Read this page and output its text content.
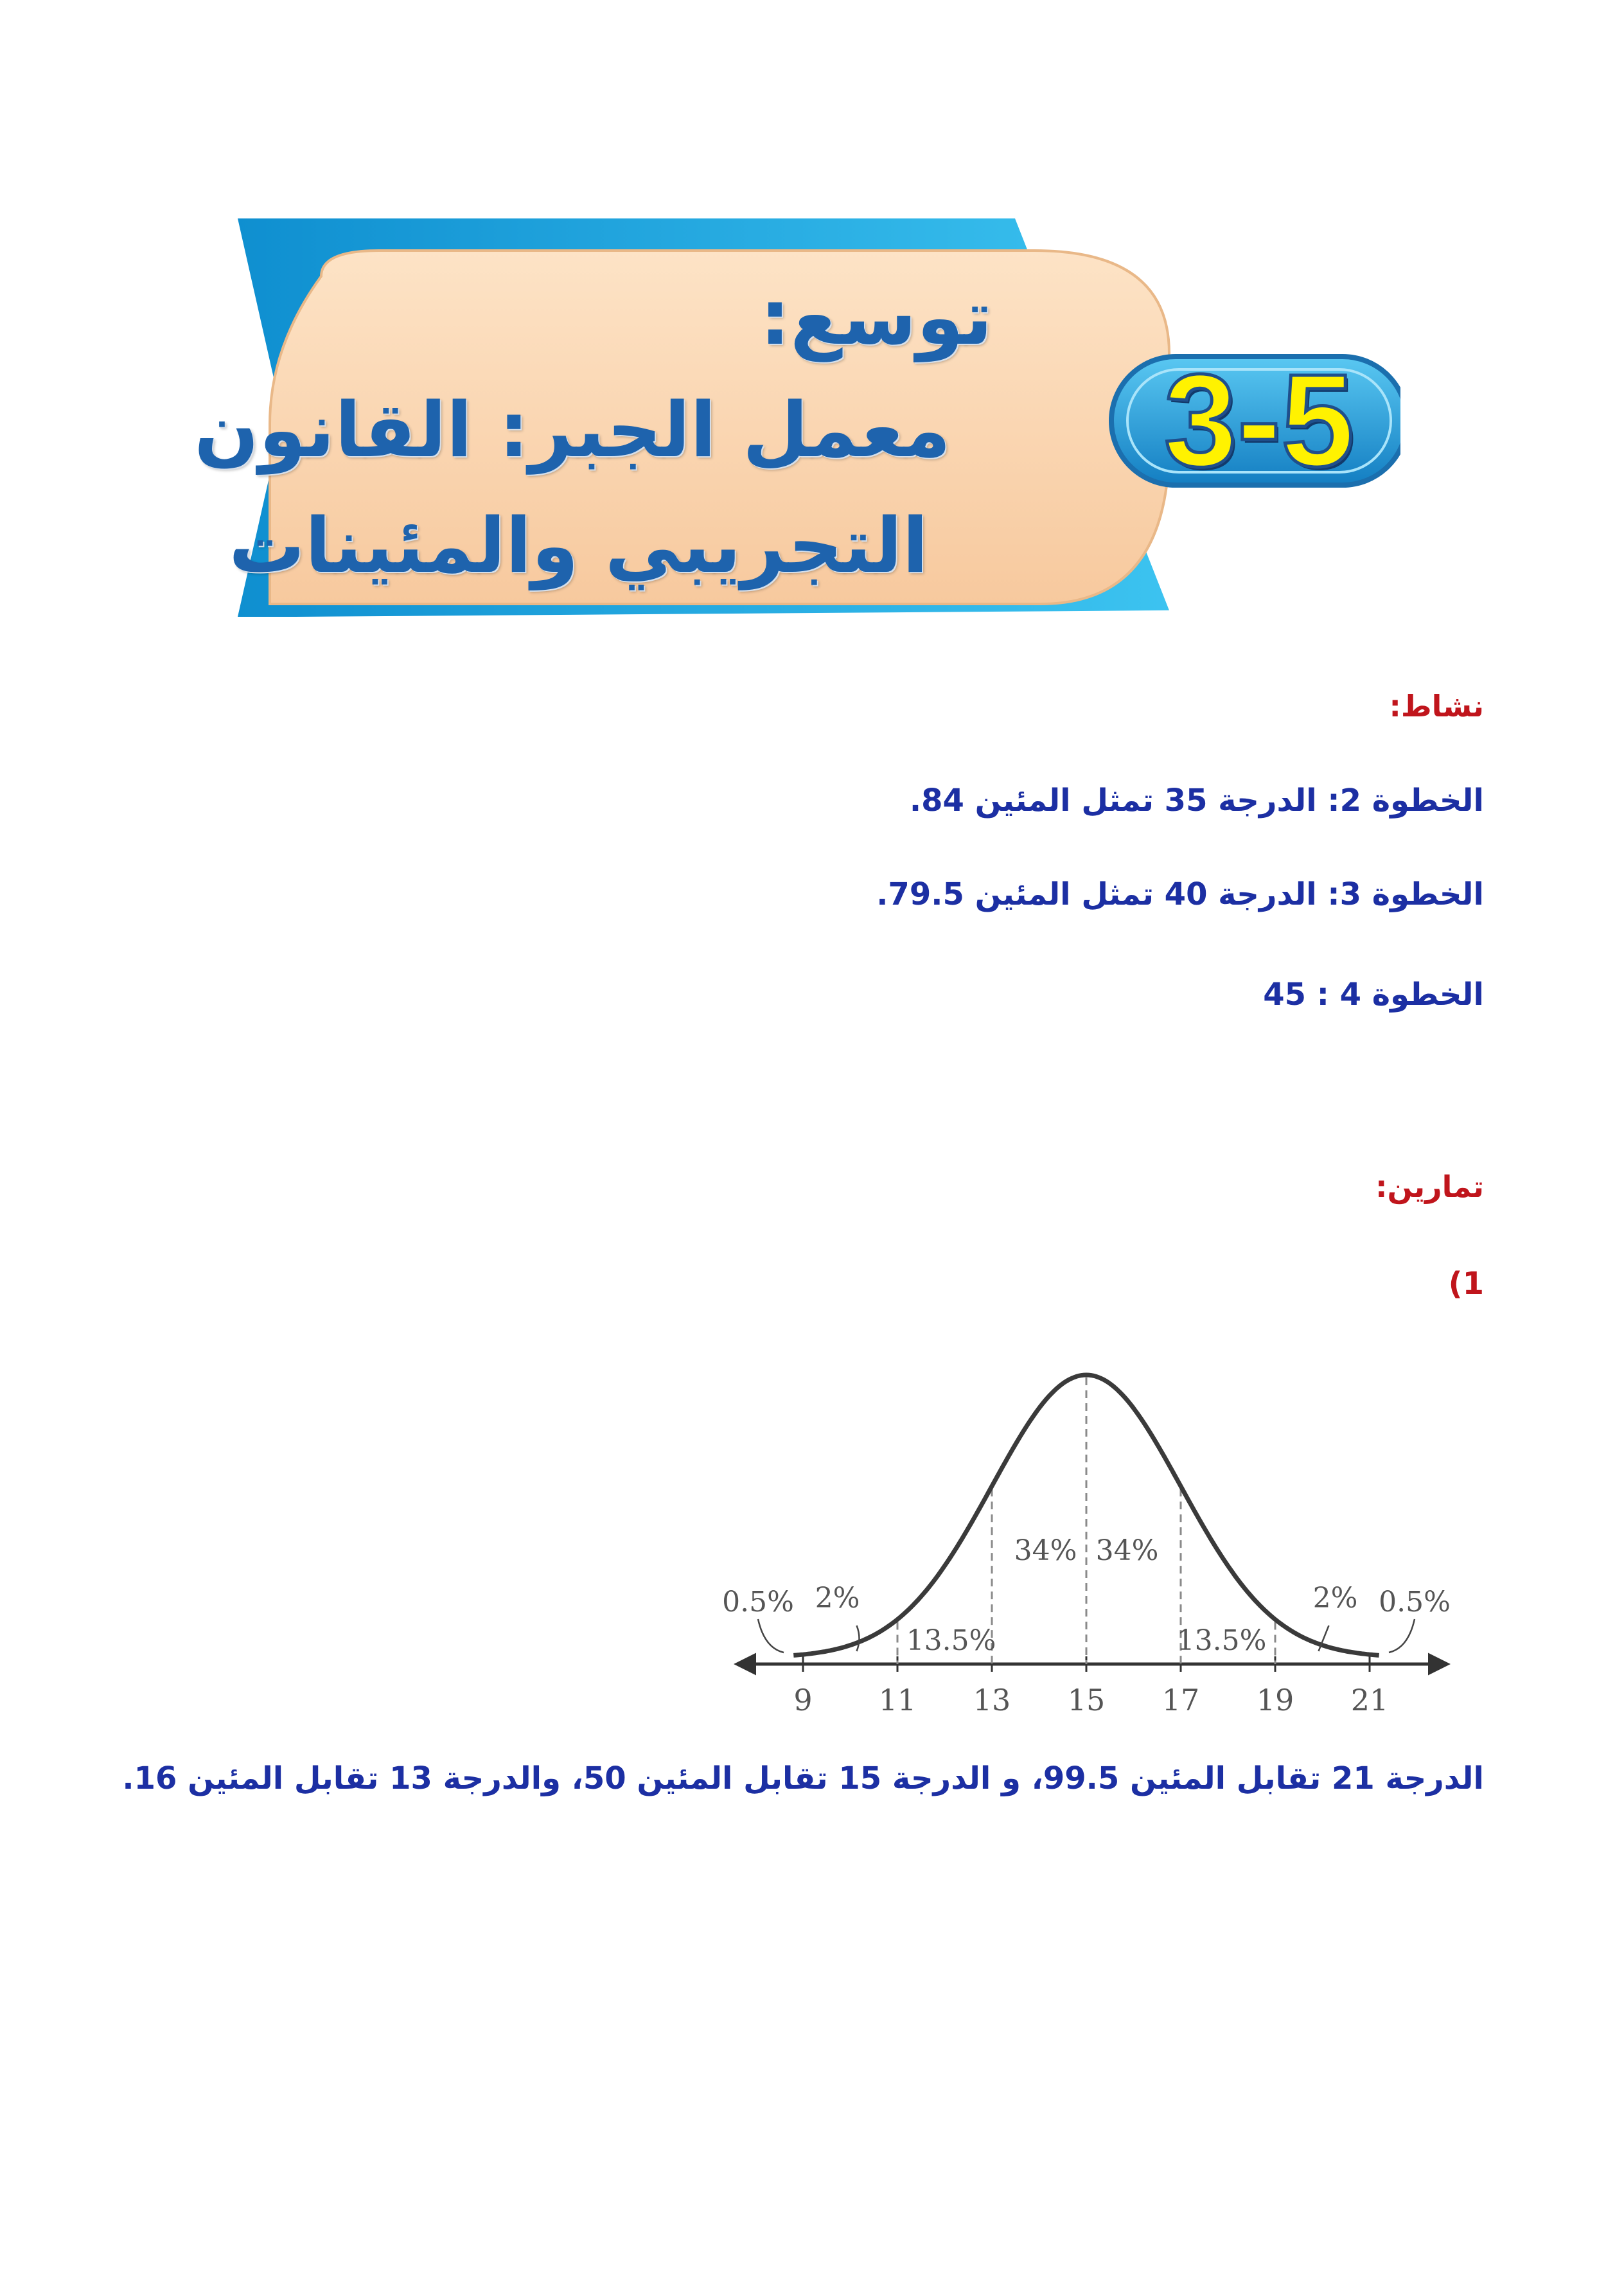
توسع:
معمل الجبر: القانون
التجريبي والمئينات
3-5
نشاط:
الخطوة 2: الدرجة 35 تمثل المئين 84.
الخطوة 3: الدرجة 40 تمثل المئين 79.5.
الخطوة 4 : 45
تمارين:
1)
9 11 13 15 17 19 21
0.5% 2%
13.5%
34% 34%
13.5%
2% 0.5%
الدرجة 21 تقابل المئين 99.5، و الدرجة 15 تقابل المئين 50، والدرجة 13 تقابل المئين 16.
